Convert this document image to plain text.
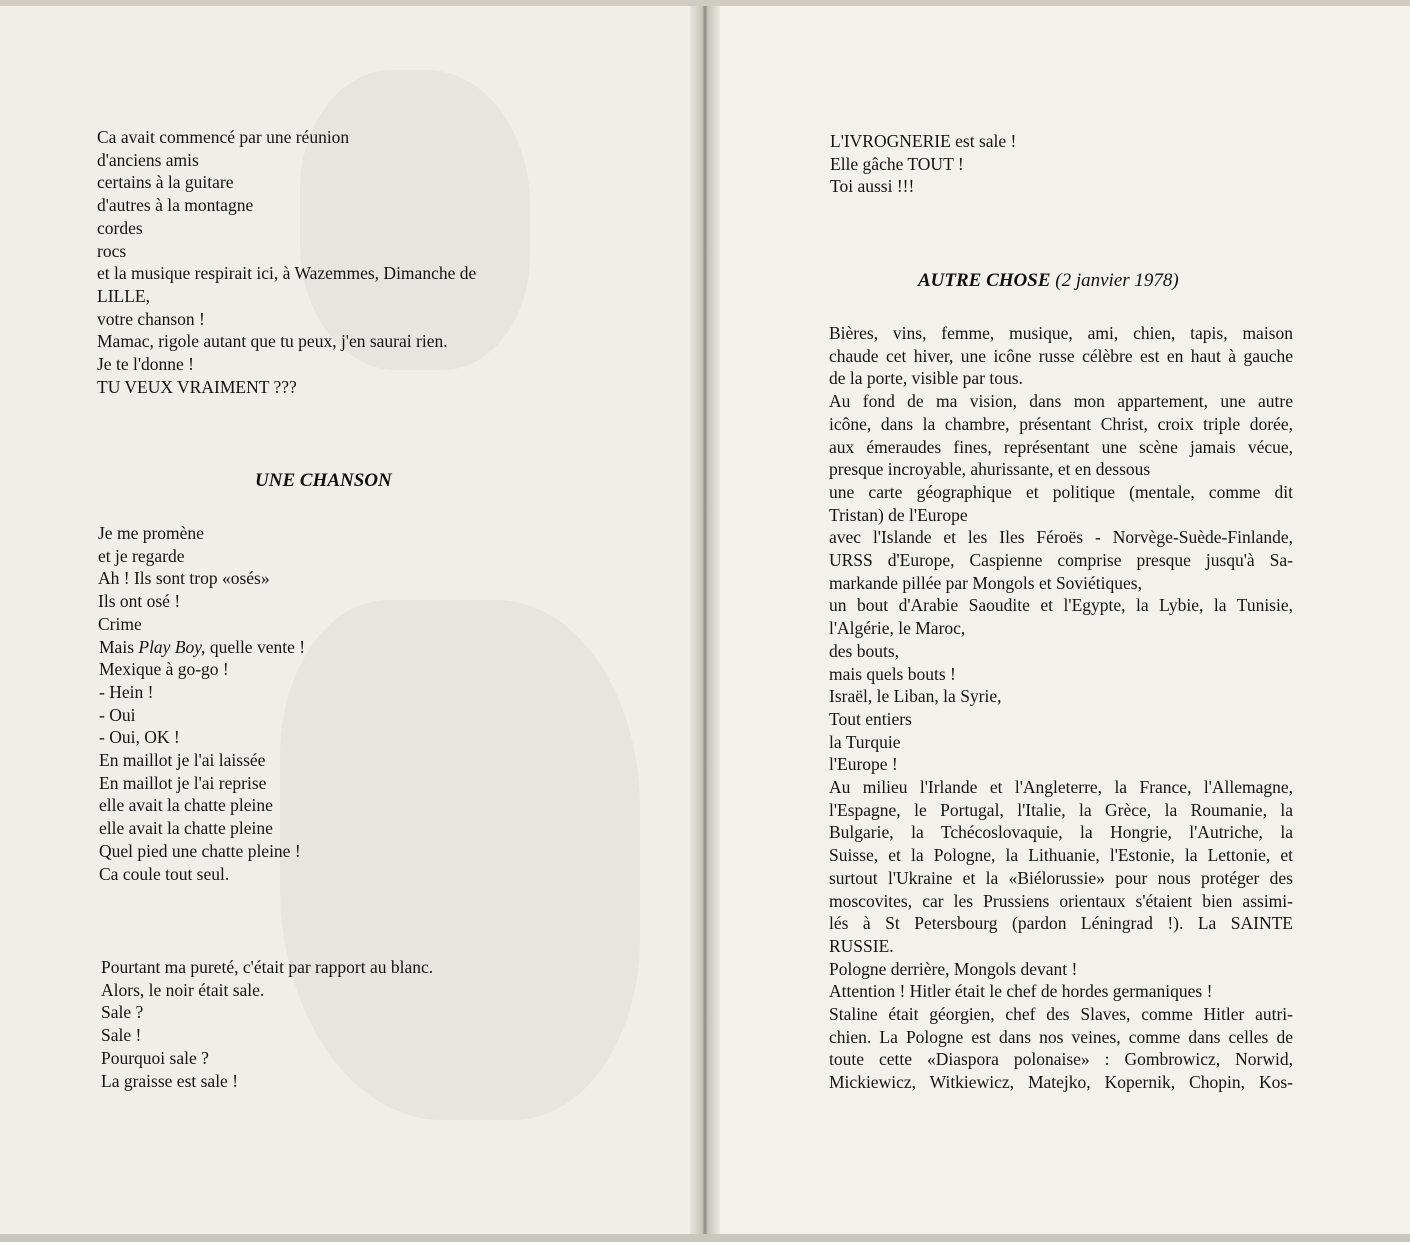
Ca avait commencé par une réunion
d'anciens amis
certains à la guitare
d'autres à la montagne
cordes
rocs
et la musique respirait ici, à Wazemmes, Dimanche de
LILLE,
votre chanson !
Mamac, rigole autant que tu peux, j'en saurai rien.
Je te l'donne !
TU VEUX VRAIMENT ???
UNE CHANSON
Je me promène
et je regarde
Ah ! Ils sont trop «osés»
Ils ont osé !
Crime
Mais Play Boy, quelle vente !
Mexique à go-go !
- Hein !
- Oui
- Oui, OK !
En maillot je l'ai laissée
En maillot je l'ai reprise
elle avait la chatte pleine
elle avait la chatte pleine
Quel pied une chatte pleine !
Ca coule tout seul.
Pourtant ma pureté, c'était par rapport au blanc.
Alors, le noir était sale.
Sale ?
Sale !
Pourquoi sale ?
La graisse est sale !
L'IVROGNERIE est sale !
Elle gâche TOUT !
Toi aussi !!!
AUTRE CHOSE (2 janvier 1978)
Bières, vins, femme, musique, ami, chien, tapis, maison
chaude cet hiver, une icône russe célèbre est en haut à gauche
de la porte, visible par tous.
Au fond de ma vision, dans mon appartement, une autre
icône, dans la chambre, présentant Christ, croix triple dorée,
aux émeraudes fines, représentant une scène jamais vécue,
presque incroyable, ahurissante, et en dessous
une carte géographique et politique (mentale, comme dit
Tristan) de l'Europe
avec l'Islande et les Iles Féroës - Norvège-Suède-Finlande,
URSS d'Europe, Caspienne comprise presque jusqu'à Sa-
markande pillée par Mongols et Soviétiques,
un bout d'Arabie Saoudite et l'Egypte, la Lybie, la Tunisie,
l'Algérie, le Maroc,
des bouts,
mais quels bouts !
Israël, le Liban, la Syrie,
Tout entiers
la Turquie
l'Europe !
Au milieu l'Irlande et l'Angleterre, la France, l'Allemagne,
l'Espagne, le Portugal, l'Italie, la Grèce, la Roumanie, la
Bulgarie, la Tchécoslovaquie, la Hongrie, l'Autriche, la
Suisse, et la Pologne, la Lithuanie, l'Estonie, la Lettonie, et
surtout l'Ukraine et la «Biélorussie» pour nous protéger des
moscovites, car les Prussiens orientaux s'étaient bien assimi-
lés à St Petersbourg (pardon Léningrad !). La SAINTE
RUSSIE.
Pologne derrière, Mongols devant !
Attention ! Hitler était le chef de hordes germaniques !
Staline était géorgien, chef des Slaves, comme Hitler autri-
chien. La Pologne est dans nos veines, comme dans celles de
toute cette «Diaspora polonaise» : Gombrowicz, Norwid,
Mickiewicz, Witkiewicz, Matejko, Kopernik, Chopin, Kos-
